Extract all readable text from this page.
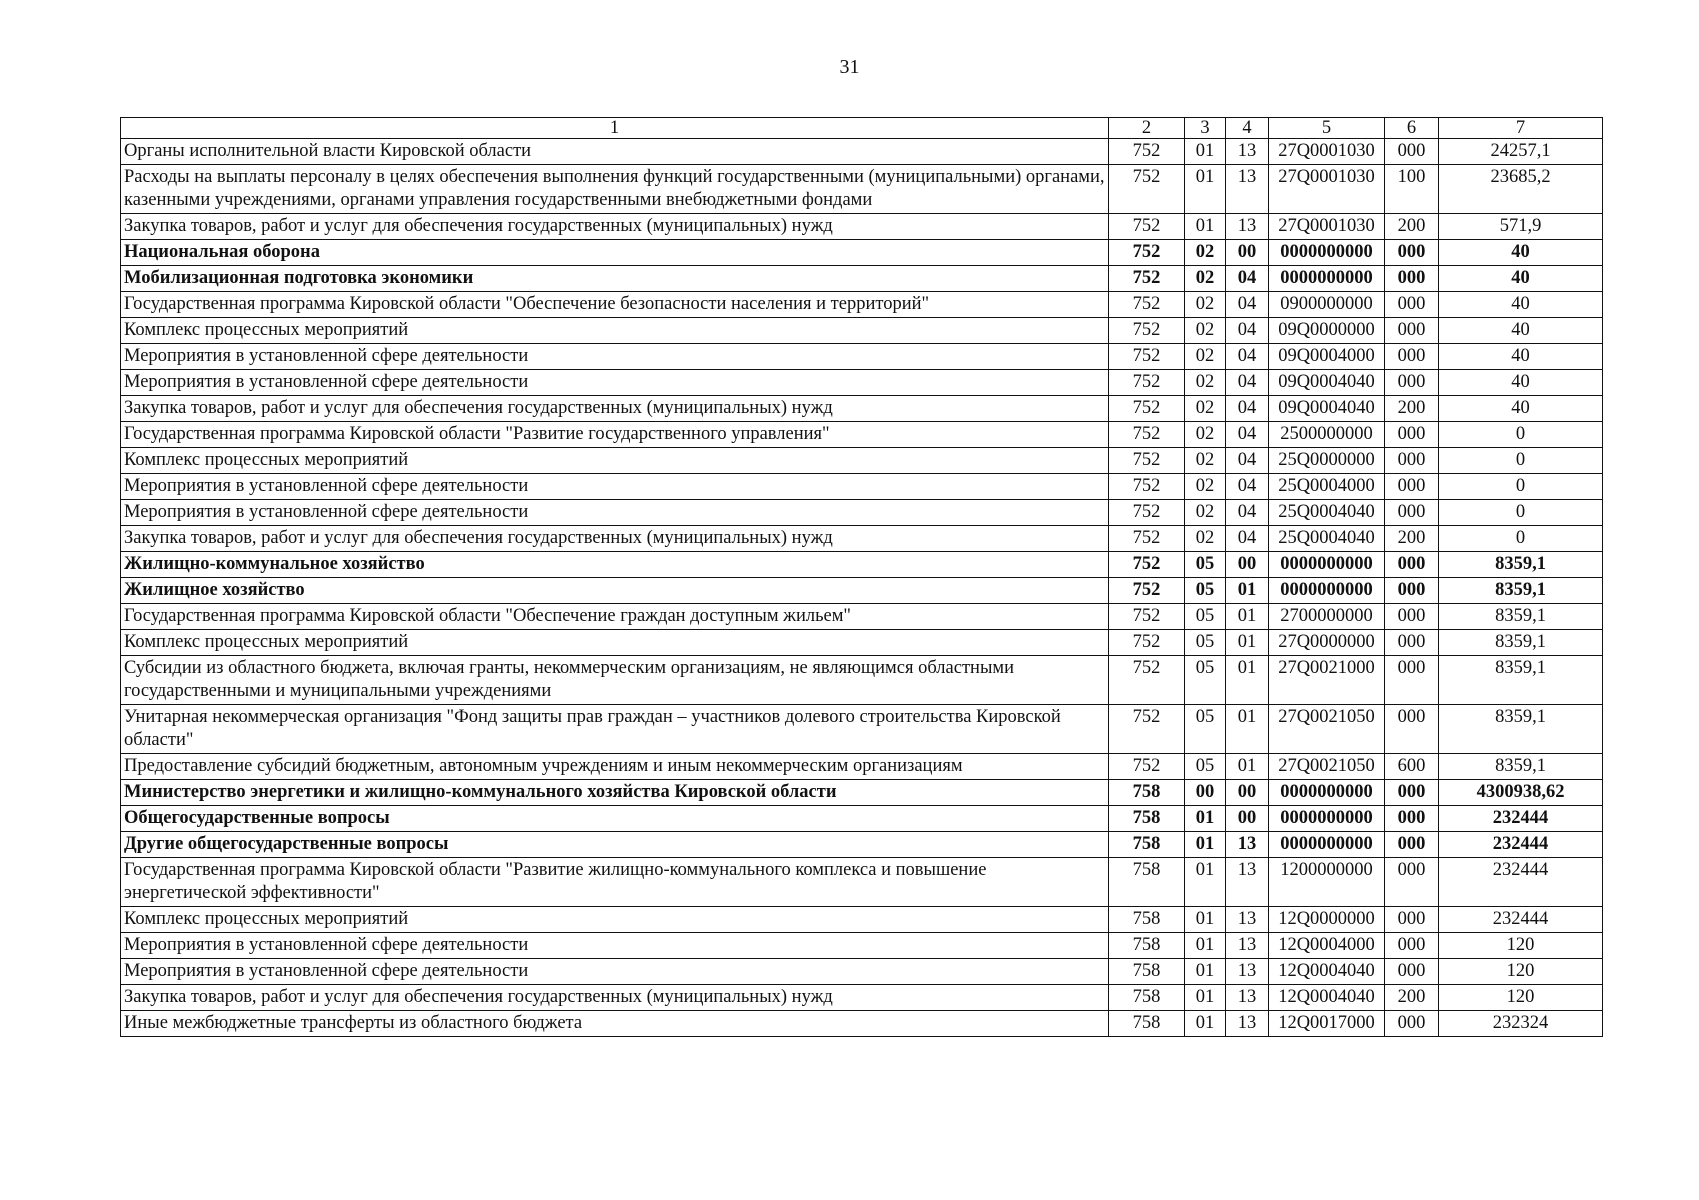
31
1	2	3	4	5	6	7
Органы исполнительной власти Кировской области	752	01	13	27Q0001030	000	24257,1
Расходы на выплаты персоналу в целях обеспечения выполнения функций государственными (муниципальными) органами, казенными учреждениями, органами управления государственными внебюджетными фондами	752	01	13	27Q0001030	100	23685,2
Закупка товаров, работ и услуг для обеспечения государственных (муниципальных) нужд	752	01	13	27Q0001030	200	571,9
Национальная оборона	752	02	00	0000000000	000	40
Мобилизационная подготовка экономики	752	02	04	0000000000	000	40
Государственная программа Кировской области "Обеспечение безопасности населения и территорий"	752	02	04	0900000000	000	40
Комплекс процессных мероприятий	752	02	04	09Q0000000	000	40
Мероприятия в установленной сфере деятельности	752	02	04	09Q0004000	000	40
Мероприятия в установленной сфере деятельности	752	02	04	09Q0004040	000	40
Закупка товаров, работ и услуг для обеспечения государственных (муниципальных) нужд	752	02	04	09Q0004040	200	40
Государственная программа Кировской области "Развитие государственного управления"	752	02	04	2500000000	000	0
Комплекс процессных мероприятий	752	02	04	25Q0000000	000	0
Мероприятия в установленной сфере деятельности	752	02	04	25Q0004000	000	0
Мероприятия в установленной сфере деятельности	752	02	04	25Q0004040	000	0
Закупка товаров, работ и услуг для обеспечения государственных (муниципальных) нужд	752	02	04	25Q0004040	200	0
Жилищно-коммунальное хозяйство	752	05	00	0000000000	000	8359,1
Жилищное хозяйство	752	05	01	0000000000	000	8359,1
Государственная программа Кировской области "Обеспечение граждан доступным жильем"	752	05	01	2700000000	000	8359,1
Комплекс процессных мероприятий	752	05	01	27Q0000000	000	8359,1
Субсидии из областного бюджета, включая гранты, некоммерческим организациям, не являющимся областными государственными и муниципальными учреждениями	752	05	01	27Q0021000	000	8359,1
Унитарная некоммерческая организация "Фонд защиты прав граждан – участников долевого строительства Кировской области"	752	05	01	27Q0021050	000	8359,1
Предоставление субсидий бюджетным, автономным учреждениям и иным некоммерческим организациям	752	05	01	27Q0021050	600	8359,1
Министерство энергетики и жилищно-коммунального хозяйства Кировской области	758	00	00	0000000000	000	4300938,62
Общегосударственные вопросы	758	01	00	0000000000	000	232444
Другие общегосударственные вопросы	758	01	13	0000000000	000	232444
Государственная программа Кировской области "Развитие жилищно-коммунального комплекса и повышение энергетической эффективности"	758	01	13	1200000000	000	232444
Комплекс процессных мероприятий	758	01	13	12Q0000000	000	232444
Мероприятия в установленной сфере деятельности	758	01	13	12Q0004000	000	120
Мероприятия в установленной сфере деятельности	758	01	13	12Q0004040	000	120
Закупка товаров, работ и услуг для обеспечения государственных (муниципальных) нужд	758	01	13	12Q0004040	200	120
Иные межбюджетные трансферты из областного бюджета	758	01	13	12Q0017000	000	232324
